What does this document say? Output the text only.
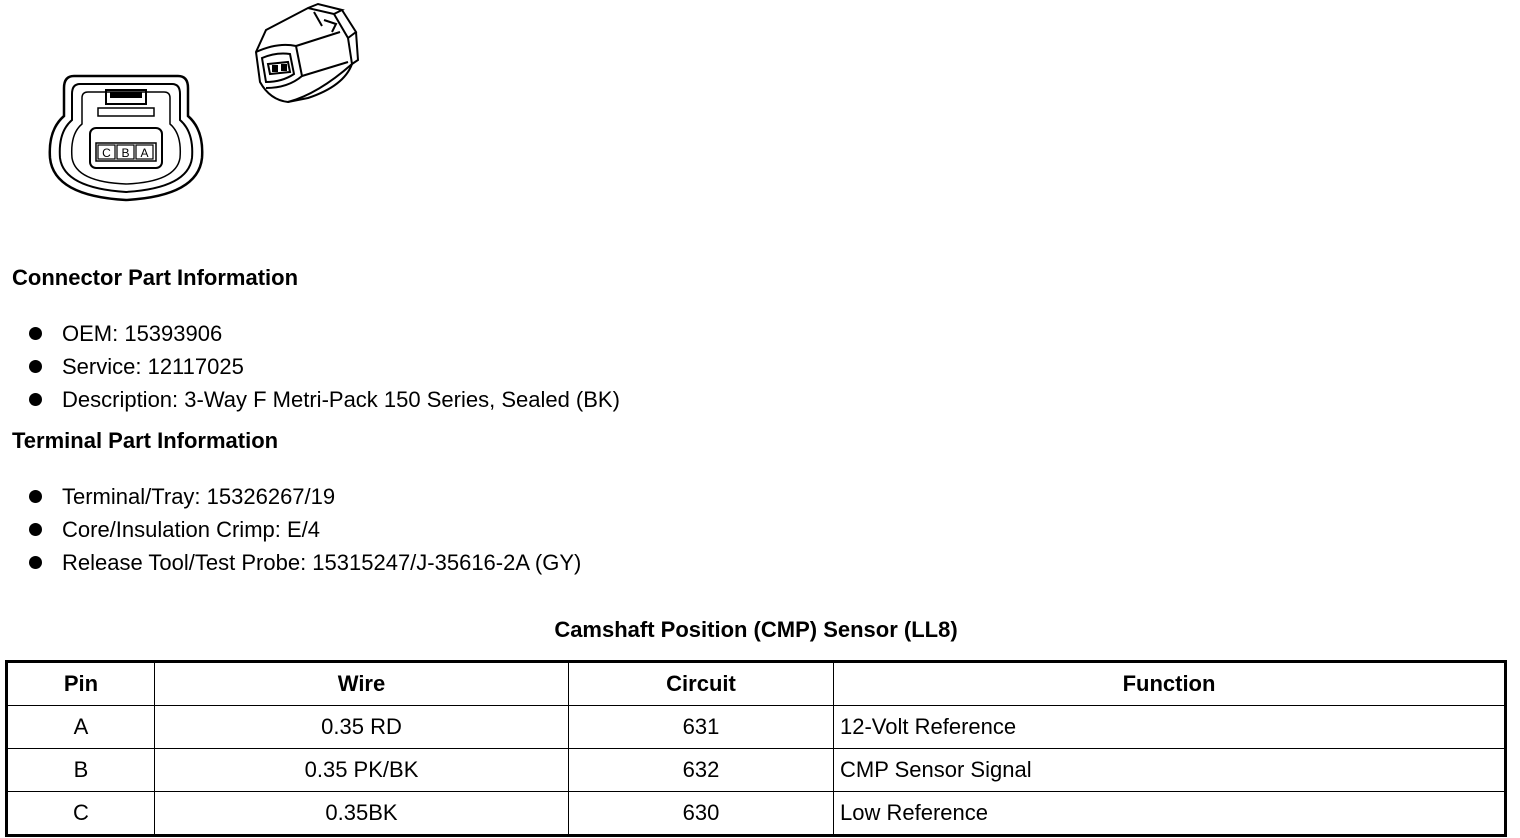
C B A
Connector Part Information
OEM: 15393906
Service: 12117025
Description: 3-Way F Metri-Pack 150 Series, Sealed (BK)
Terminal Part Information
Terminal/Tray: 15326267/19
Core/Insulation Crimp: E/4
Release Tool/Test Probe: 15315247/J-35616-2A (GY)
Camshaft Position (CMP) Sensor (LL8)
Pin	Wire	Circuit	Function
A	0.35 RD	631	12-Volt Reference
B	0.35 PK/BK	632	CMP Sensor Signal
C	0.35BK	630	Low Reference
